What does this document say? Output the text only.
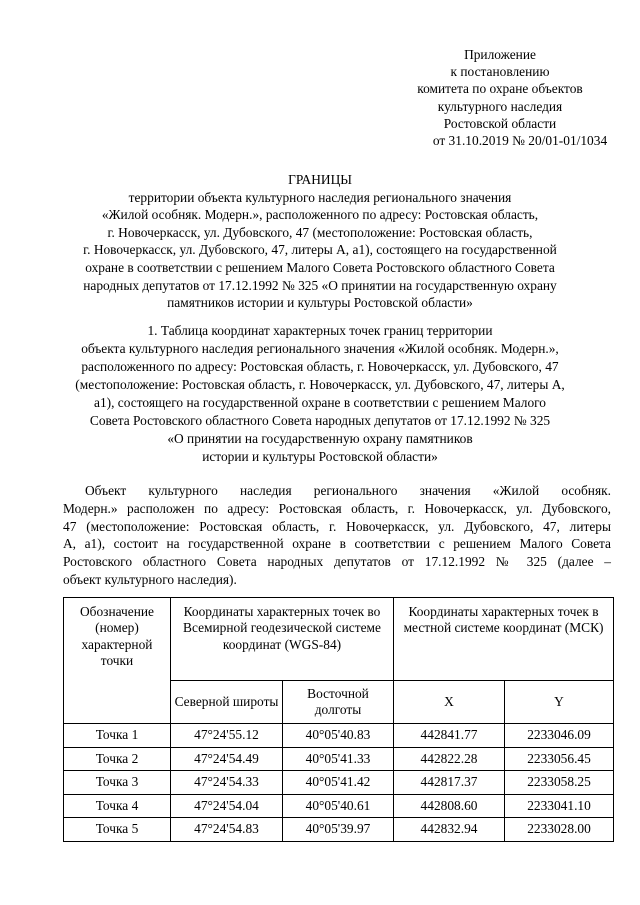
Приложение
к постановлению
комитета по охране объектов
культурного наследия
Ростовской области
от 31.10.2019 № 20/01-01/1034
ГРАНИЦЫ
территории объекта культурного наследия регионального значения
«Жилой особняк. Модерн.», расположенного по адресу: Ростовская область,
г. Новочеркасск, ул. Дубовского, 47 (местоположение: Ростовская область,
г. Новочеркасск, ул. Дубовского, 47, литеры А, а1), состоящего на государственной
охране в соответствии с решением Малого Совета Ростовского областного Совета
народных депутатов от 17.12.1992 № 325 «О принятии на государственную охрану
памятников истории и культуры Ростовской области»
1. Таблица координат характерных точек границ территории
объекта культурного наследия регионального значения «Жилой особняк. Модерн.»,
расположенного по адресу: Ростовская область, г. Новочеркасск, ул. Дубовского, 47
(местоположение: Ростовская область, г. Новочеркасск, ул. Дубовского, 47, литеры А,
а1), состоящего на государственной охране в соответствии с решением Малого
Совета Ростовского областного Совета народных депутатов от 17.12.1992 № 325
«О принятии на государственную охрану памятников
истории и культуры Ростовской области»
Объект культурного наследия регионального значения «Жилой особняк.
Модерн.» расположен по адресу: Ростовская область, г. Новочеркасск, ул. Дубовского,
47 (местоположение: Ростовская область, г. Новочеркасск, ул. Дубовского, 47, литеры
А, а1), состоит на государственной охране в соответствии с решением Малого Совета
Ростовского областного Совета народных депутатов от 17.12.1992 № 325 (далее –
объект культурного наследия).
Обозначение (номер) характерной точки	Координаты характерных точек во Всемирной геодезической системе координат (WGS-84)		Координаты характерных точек в местной системе координат (МСК)	
	Северной широты	Восточной долготы	X	Y
Точка 1	47°24'55.12	40°05'40.83	442841.77	2233046.09
Точка 2	47°24'54.49	40°05'41.33	442822.28	2233056.45
Точка 3	47°24'54.33	40°05'41.42	442817.37	2233058.25
Точка 4	47°24'54.04	40°05'40.61	442808.60	2233041.10
Точка 5	47°24'54.83	40°05'39.97	442832.94	2233028.00
